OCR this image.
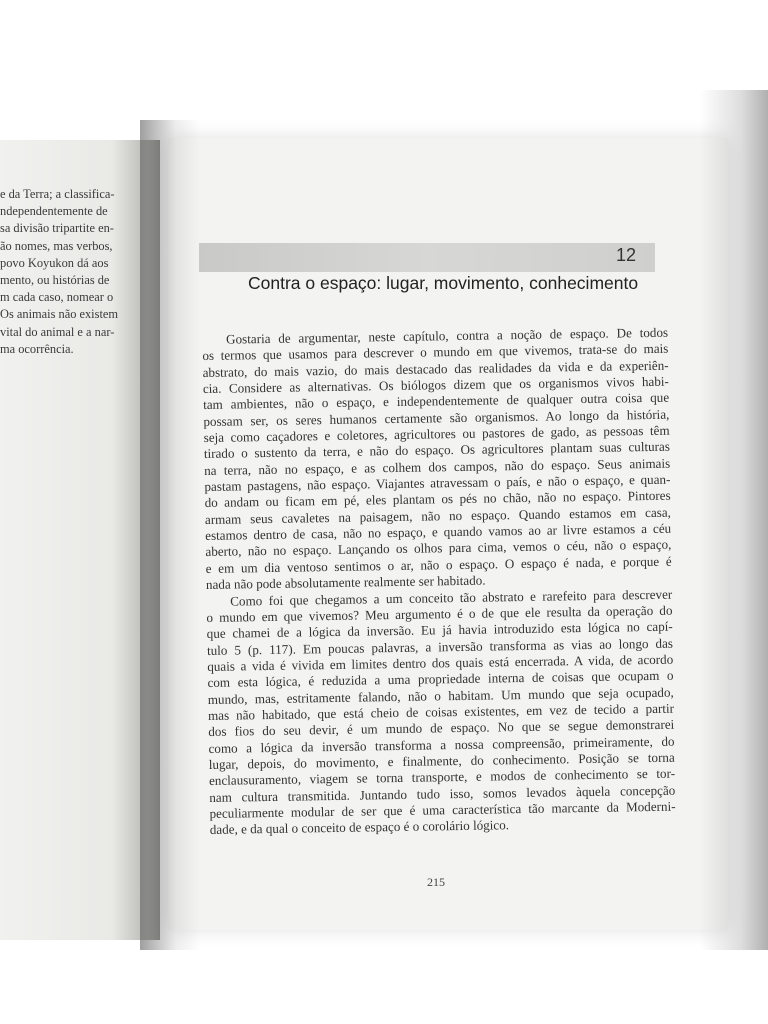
e da Terra; a classifica-
ndependentemente de
sa divisão tripartite en-
ão nomes, mas verbos,
povo Koyukon dá aos
mento, ou histórias de
m cada caso, nomear o
Os animais não existem
vital do animal e a nar-
ma ocorrência.
12
Contra o espaço: lugar, movimento, conhecimento
Gostaria de argumentar, neste capítulo, contra a noção de espaço. De todos
os termos que usamos para descrever o mundo em que vivemos, trata-se do mais
abstrato, do mais vazio, do mais destacado das realidades da vida e da experiên-
cia. Considere as alternativas. Os biólogos dizem que os organismos vivos habi-
tam ambientes, não o espaço, e independentemente de qualquer outra coisa que
possam ser, os seres humanos certamente são organismos. Ao longo da história,
seja como caçadores e coletores, agricultores ou pastores de gado, as pessoas têm
tirado o sustento da terra, e não do espaço. Os agricultores plantam suas culturas
na terra, não no espaço, e as colhem dos campos, não do espaço. Seus animais
pastam pastagens, não espaço. Viajantes atravessam o país, e não o espaço, e quan-
do andam ou ficam em pé, eles plantam os pés no chão, não no espaço. Pintores
armam seus cavaletes na paisagem, não no espaço. Quando estamos em casa,
estamos dentro de casa, não no espaço, e quando vamos ao ar livre estamos a céu
aberto, não no espaço. Lançando os olhos para cima, vemos o céu, não o espaço,
e em um dia ventoso sentimos o ar, não o espaço. O espaço é nada, e porque é
nada não pode absolutamente realmente ser habitado.
Como foi que chegamos a um conceito tão abstrato e rarefeito para descrever
o mundo em que vivemos? Meu argumento é o de que ele resulta da operação do
que chamei de a lógica da inversão. Eu já havia introduzido esta lógica no capí-
tulo 5 (p. 117). Em poucas palavras, a inversão transforma as vias ao longo das
quais a vida é vivida em limites dentro dos quais está encerrada. A vida, de acordo
com esta lógica, é reduzida a uma propriedade interna de coisas que ocupam o
mundo, mas, estritamente falando, não o habitam. Um mundo que seja ocupado,
mas não habitado, que está cheio de coisas existentes, em vez de tecido a partir
dos fios do seu devir, é um mundo de espaço. No que se segue demonstrarei
como a lógica da inversão transforma a nossa compreensão, primeiramente, do
lugar, depois, do movimento, e finalmente, do conhecimento. Posição se torna
enclausuramento, viagem se torna transporte, e modos de conhecimento se tor-
nam cultura transmitida. Juntando tudo isso, somos levados àquela concepção
peculiarmente modular de ser que é uma característica tão marcante da Moderni-
dade, e da qual o conceito de espaço é o corolário lógico.
215
